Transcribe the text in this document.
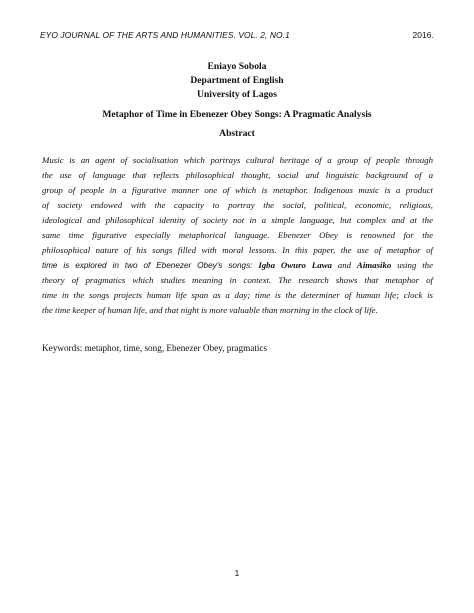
EYO JOURNAL OF THE ARTS AND HUMANITIES. VOL. 2, NO.1	2016.
Eniayo Sobola
Department of English
University of Lagos
Metaphor of Time in Ebenezer Obey Songs: A Pragmatic Analysis
Abstract
Music is an agent of socialisation which portrays cultural heritage of a group of people through
the use of language that reflects philosophical thought, social and linguistic background of a
group of people in a figurative manner one of which is metaphor. Indigenous music is a product
of society endowed with the capacity to portray the social, political, economic, religious,
ideological and philosophical identity of society not in a simple language, but complex and at the
same time figurative especially metaphorical language. Ebenezer Obey is renowned for the
philosophical nature of his songs filled with moral lessons. In this paper, the use of metaphor of
time is explored in two of Ebenezer Obey's songs: Igba Owuro Lawa and Aimasiko using the
theory of pragmatics which studies meaning in context. The research shows that metaphor of
time in the songs projects human life span as a day; time is the determiner of human life; clock is
the time keeper of human life, and that night is more valuable than morning in the clock of life.
Keywords: metaphor, time, song, Ebenezer Obey, pragmatics
1
